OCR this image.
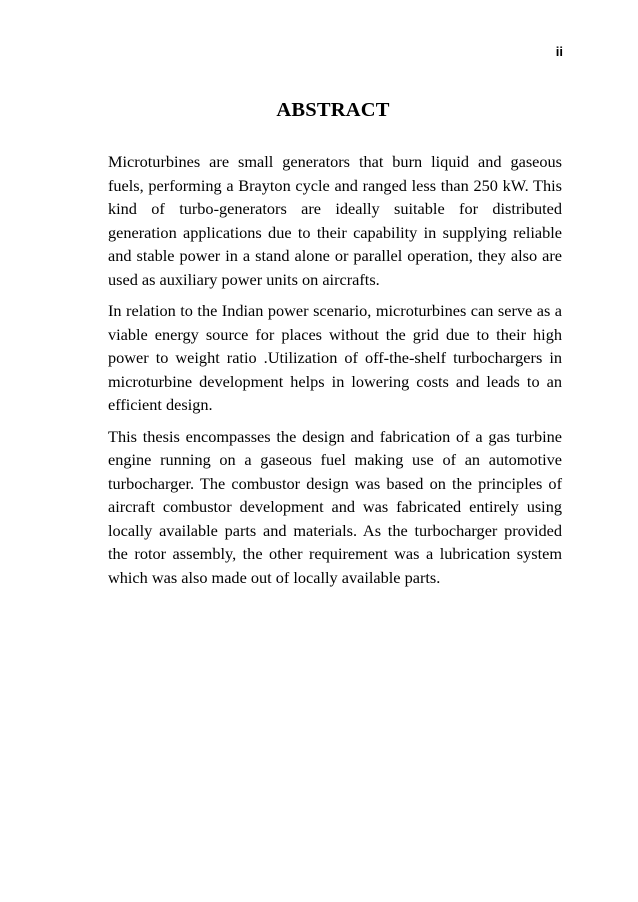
ii
ABSTRACT

Microturbines are small generators that burn liquid and gaseous fuels, performing a Brayton cycle and ranged less than 250 kW. This kind of turbo-generators are ideally suitable for distributed generation applications due to their capability in supplying reliable and stable power in a stand alone or parallel operation, they also are used as auxiliary power units on aircrafts.

In relation to the Indian power scenario, microturbines can serve as a viable energy source for places without the grid due to their high power to weight ratio .Utilization of off-the-shelf turbochargers in microturbine development helps in lowering costs and leads to an efficient design.

This thesis encompasses the design and fabrication of a gas turbine engine running on a gaseous fuel making use of an automotive turbocharger. The combustor design was based on the principles of aircraft combustor development and was fabricated entirely using locally available parts and materials. As the turbocharger provided the rotor assembly, the other requirement was a lubrication system which was also made out of locally available parts.
